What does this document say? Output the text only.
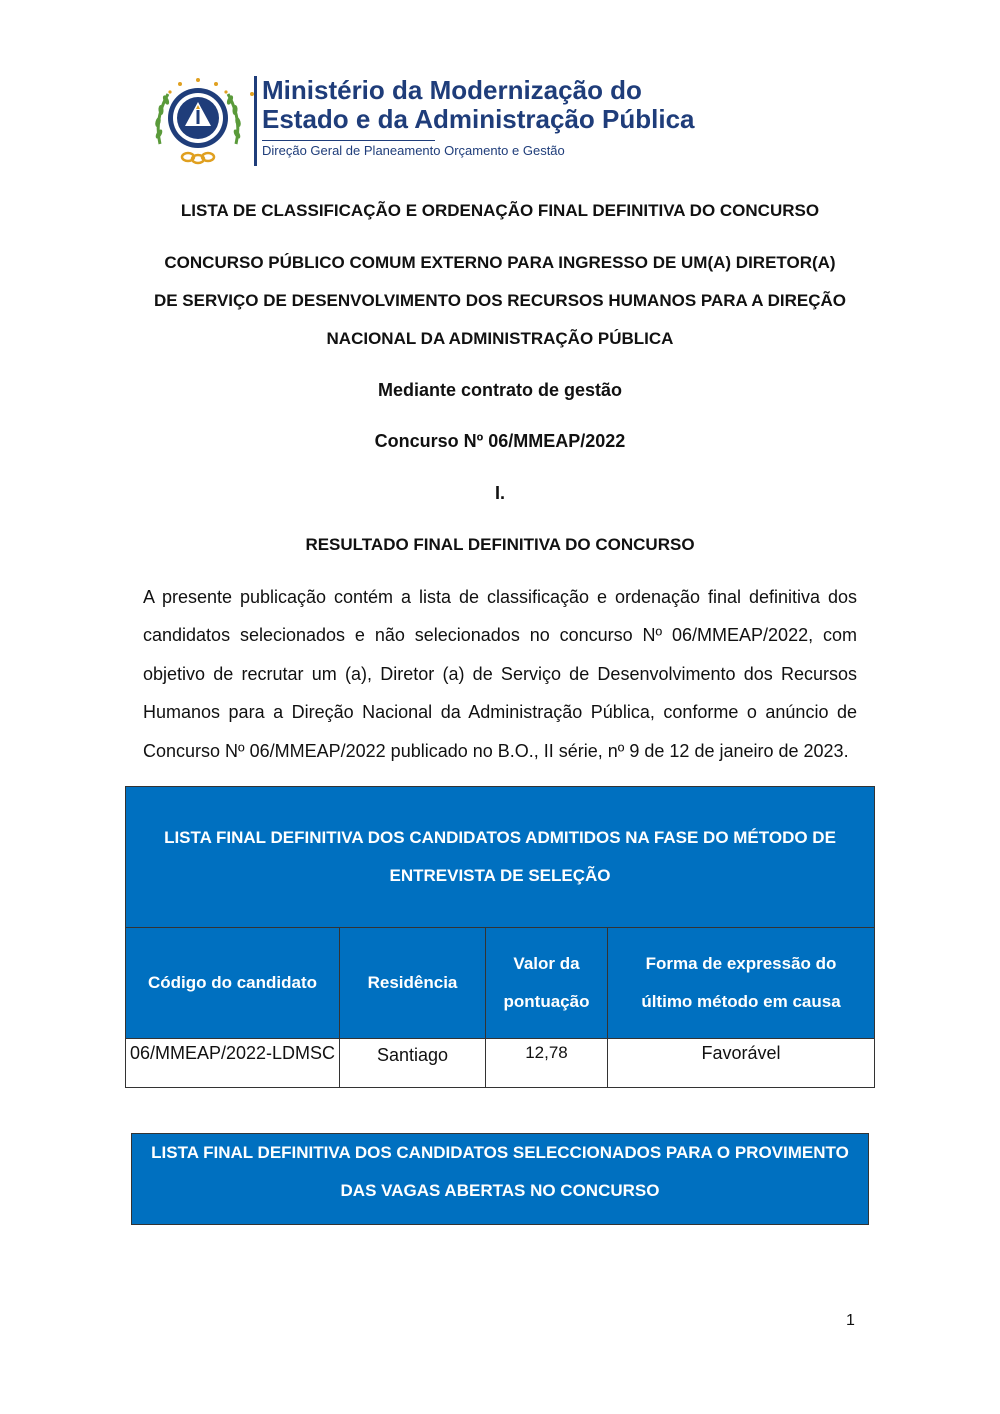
Ministério da Modernização do
Estado e da Administração Pública
Direção Geral de Planeamento Orçamento e Gestão
LISTA DE CLASSIFICAÇÃO E ORDENAÇÃO FINAL DEFINITIVA DO CONCURSO
CONCURSO PÚBLICO COMUM EXTERNO PARA INGRESSO DE UM(A) DIRETOR(A)
DE SERVIÇO DE DESENVOLVIMENTO DOS RECURSOS HUMANOS PARA A DIREÇÃO
NACIONAL DA ADMINISTRAÇÃO PÚBLICA
Mediante contrato de gestão
Concurso Nº 06/MMEAP/2022
I.
RESULTADO FINAL DEFINITIVA DO CONCURSO

A presente publicação contém a lista de classificação e ordenação final definitiva dos candidatos selecionados e não selecionados no concurso Nº 06/MMEAP/2022, com objetivo de recrutar um (a), Diretor (a) de Serviço de Desenvolvimento dos Recursos Humanos para a Direção Nacional da Administração Pública, conforme o anúncio de Concurso Nº 06/MMEAP/2022 publicado no B.O., II série, nº 9 de 12 de janeiro de 2023.

LISTA FINAL DEFINITIVA DOS CANDIDATOS ADMITIDOS NA FASE DO MÉTODO DE ENTREVISTA DE SELEÇÃO			
Código do candidato	Residência	Valor da pontuação	Forma de expressão do último método em causa
06/MMEAP/2022-LDMSC	Santiago	12,78	Favorável
LISTA FINAL DEFINITIVA DOS CANDIDATOS SELECCIONADOS PARA O PROVIMENTO DAS VAGAS ABERTAS NO CONCURSO
1
